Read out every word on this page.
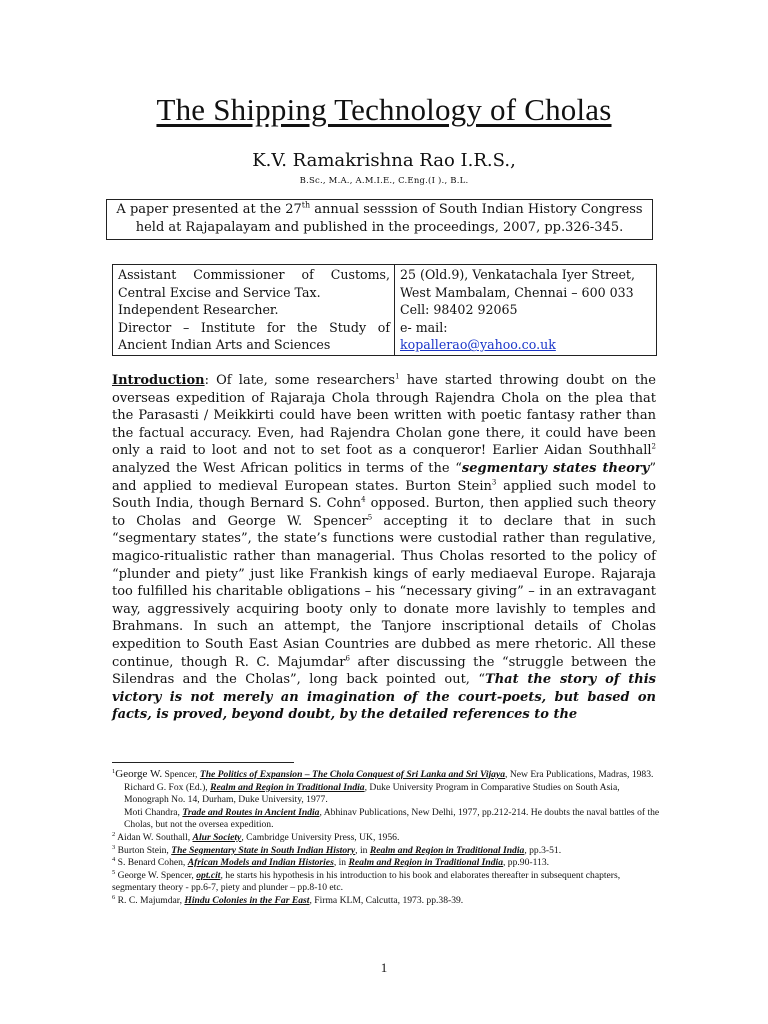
The Shipping Technology of Cholas
K.V. Ramakrishna Rao I.R.S.,
B.Sc., M.A., A.M.I.E., C.Eng.(I )., B.L.
A paper presented at the 27th annual sesssion of South Indian History Congress
held at Rajapalayam and published in the proceedings, 2007, pp.326-345.
Assistant Commissioner of Customs,
Central Excise and Service Tax.
Independent Researcher.
Director – Institute for the Study of
Ancient Indian Arts and Sciences

25 (Old.9), Venkatachala Iyer Street,
West Mambalam, Chennai – 600 033
Cell: 98402 92065
e- mail:
kopallerao@yahoo.co.uk
Introduction: Of late, some researchers$^1$ have started throwing doubt on the overseas expedition of Rajaraja Chola through Rajendra Chola on the plea that the Parasasti / Meikkirti could have been written with poetic fantasy rather than the factual accuracy. Even, had Rajendra Cholan gone there, it could have been only a raid to loot and not to set foot as a conqueror! Earlier Aidan Southhall$^2$ analyzed the West African politics in terms of the “segmentary states theory” and applied to medieval European states. Burton Stein$^3$ applied such model to South India, though Bernard S. Cohn$^4$ opposed. Burton, then applied such theory to Cholas and George W. Spencer$^5$ accepting it to declare that in such “segmentary states”, the state’s functions were custodial rather than regulative, magico-ritualistic rather than managerial. Thus Cholas resorted to the policy of “plunder and piety” just like Frankish kings of early mediaeval Europe. Rajaraja too fulfilled his charitable obligations – his “necessary giving” – in an extravagant way, aggressively acquiring booty only to donate more lavishly to temples and Brahmans. In such an attempt, the Tanjore inscriptional details of Cholas expedition to South East Asian Countries are dubbed as mere rhetoric. All these continue, though R. C. Majumdar$^6$ after discussing the “struggle between the Silendras and the Cholas”, long back pointed out, “That the story of this victory is not merely an imagination of the court-poets, but based on facts, is proved, beyond doubt, by the detailed references to the

$^1$George W. Spencer, The Politics of Expansion – The Chola Conquest of Sri Lanka and Sri Vijaya, New Era Publications, Madras, 1983.

Richard G. Fox (Ed.), Realm and Region in Traditional India, Duke University Program in Comparative Studies on South Asia, Monograph No. 14, Durham, Duke University, 1977.

Moti Chandra, Trade and Routes in Ancient India, Abhinav Publications, New Delhi, 1977, pp.212-214. He doubts the naval battles of the Cholas, but not the oversea expedition.

$^2$ Aidan W. Southall, Alur Society, Cambridge University Press, UK, 1956.

$^3$ Burton Stein, The Segmentary State in South Indian History, in Realm and Region in Traditional India, pp.3-51.

$^4$ S. Benard Cohen, African Models and Indian Histories, in Realm and Region in Traditional India, pp.90-113.

$^5$ George W. Spencer, opt.cit, he starts his hypothesis in his introduction to his book and elaborates thereafter in subsequent chapters, segmentary theory - pp.6-7, piety and plunder – pp.8-10 etc.

$^6$ R. C. Majumdar, Hindu Colonies in the Far East, Firma KLM, Calcutta, 1973. pp.38-39.

1
